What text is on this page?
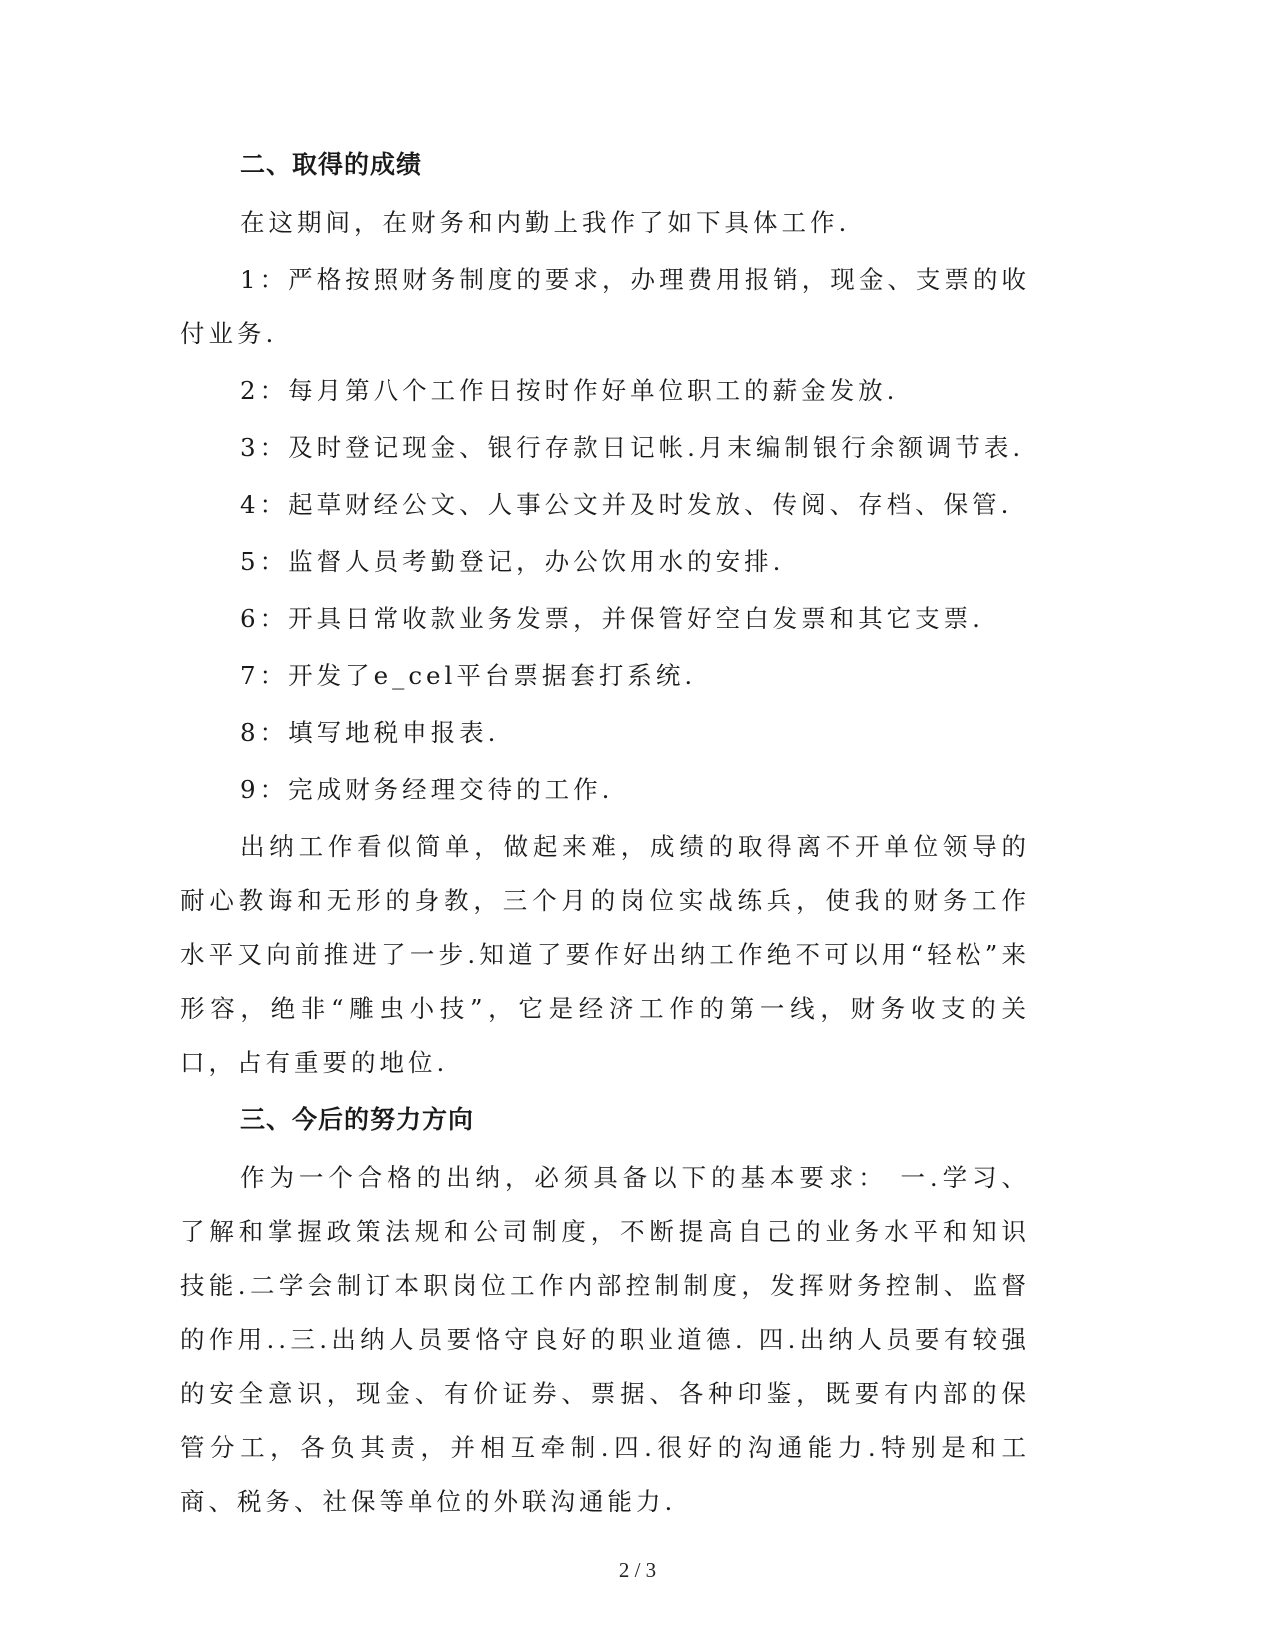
二、取得的成绩

在这期间，在财务和内勤上我作了如下具体工作.

1：严格按照财务制度的要求，办理费用报销，现金、支票的收付业务.

2：每月第八个工作日按时作好单位职工的薪金发放.

3：及时登记现金、银行存款日记帐.月末编制银行余额调节表.

4：起草财经公文、人事公文并及时发放、传阅、存档、保管.

5：监督人员考勤登记，办公饮用水的安排.

6：开具日常收款业务发票，并保管好空白发票和其它支票.

7：开发了e_cel平台票据套打系统.

8：填写地税申报表.

9：完成财务经理交待的工作.

出纳工作看似简单，做起来难，成绩的取得离不开单位领导的耐心教诲和无形的身教，三个月的岗位实战练兵，使我的财务工作水平又向前推进了一步.知道了要作好出纳工作绝不可以用“轻松”来形容，绝非“雕虫小技”，它是经济工作的第一线，财务收支的关口，占有重要的地位.

三、今后的努力方向

作为一个合格的出纳，必须具备以下的基本要求： 一.学习、了解和掌握政策法规和公司制度，不断提高自己的业务水平和知识技能.二学会制订本职岗位工作内部控制制度，发挥财务控制、监督的作用..三.出纳人员要恪守良好的职业道德. 四.出纳人员要有较强的安全意识，现金、有价证券、票据、各种印鉴，既要有内部的保管分工，各负其责，并相互牵制.四.很好的沟通能力.特别是和工商、税务、社保等单位的外联沟通能力.

2 / 3
